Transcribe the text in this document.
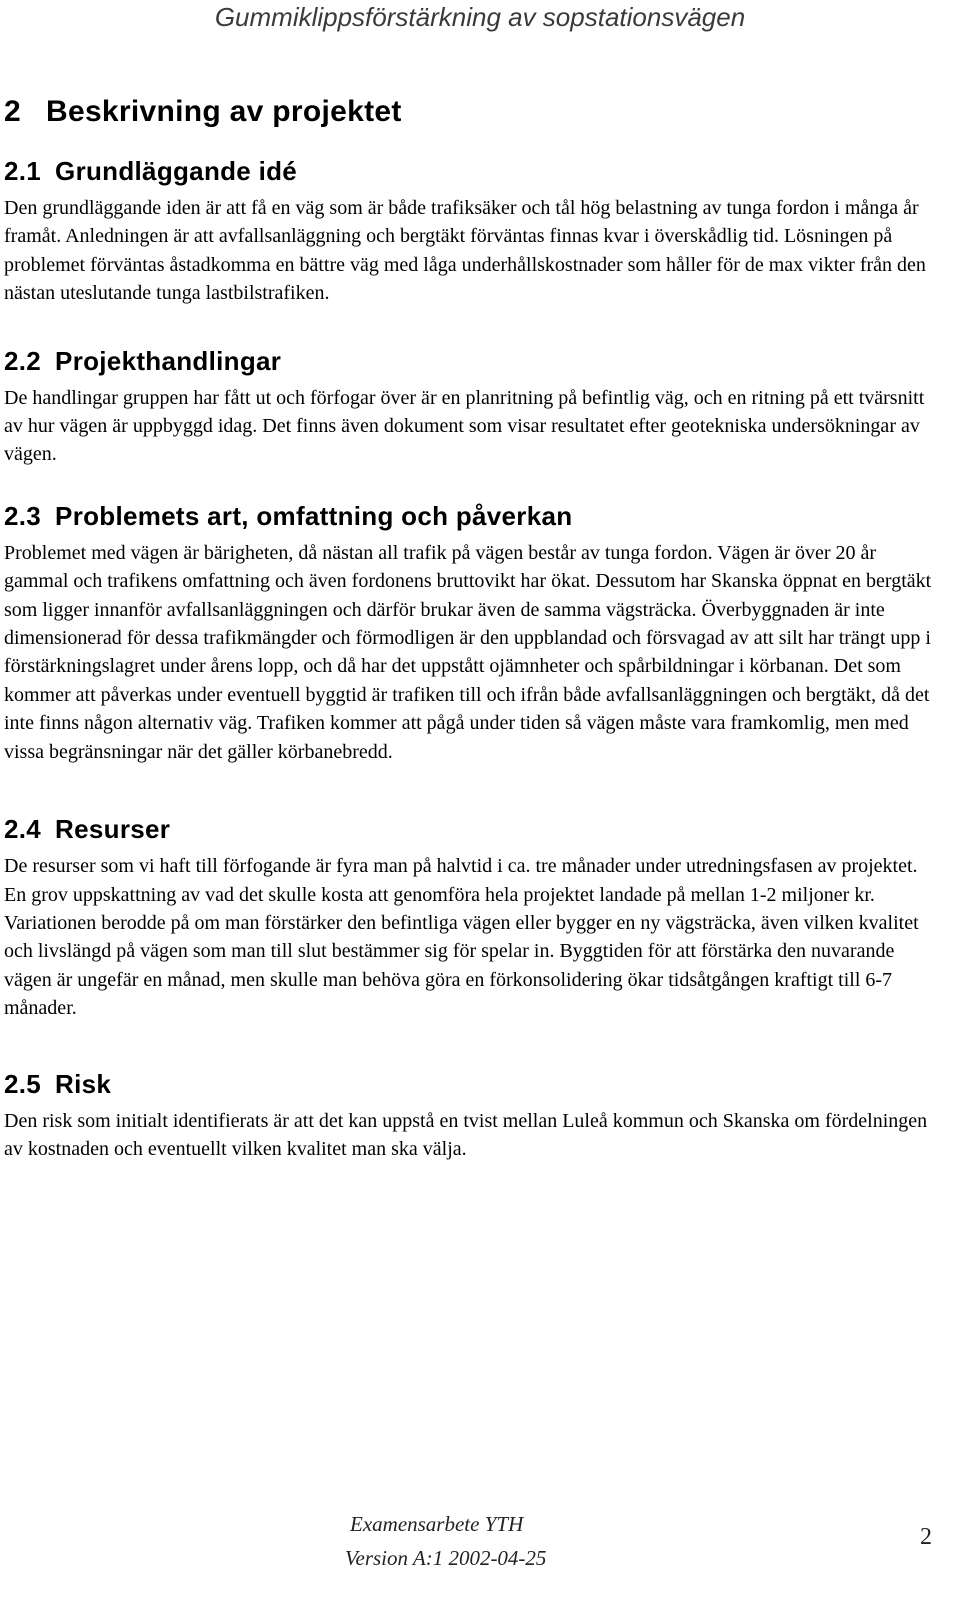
Gummiklippsförstärkning av sopstationsvägen
2 Beskrivning av projektet
2.1 Grundläggande idé

Den grundläggande iden är att få en väg som är både trafiksäker och tål hög belastning av tunga fordon i många år framåt. Anledningen är att avfallsanläggning och bergtäkt förväntas finnas kvar i överskådlig tid. Lösningen på problemet förväntas åstadkomma en bättre väg med låga underhållskostnader som håller för de max vikter från den nästan uteslutande tunga lastbilstrafiken.

2.2 Projekthandlingar

De handlingar gruppen har fått ut och förfogar över är en planritning på befintlig väg, och en ritning på ett tvärsnitt av hur vägen är uppbyggd idag. Det finns även dokument som visar resultatet efter geotekniska undersökningar av vägen.

2.3 Problemets art, omfattning och påverkan

Problemet med vägen är bärigheten, då nästan all trafik på vägen består av tunga fordon. Vägen är över 20 år gammal och trafikens omfattning och även fordonens bruttovikt har ökat. Dessutom har Skanska öppnat en bergtäkt som ligger innanför avfallsanläggningen och därför brukar även de samma vägsträcka. Överbyggnaden är inte dimensionerad för dessa trafikmängder och förmodligen är den uppblandad och försvagad av att silt har trängt upp i förstärkningslagret under årens lopp, och då har det uppstått ojämnheter och spårbildningar i körbanan. Det som kommer att påverkas under eventuell byggtid är trafiken till och ifrån både avfallsanläggningen och bergtäkt, då det inte finns någon alternativ väg. Trafiken kommer att pågå under tiden så vägen måste vara framkomlig, men med vissa begränsningar när det gäller körbanebredd.

2.4 Resurser

De resurser som vi haft till förfogande är fyra man på halvtid i ca. tre månader under utredningsfasen av projektet. En grov uppskattning av vad det skulle kosta att genomföra hela projektet landade på mellan 1-2 miljoner kr. Variationen berodde på om man förstärker den befintliga vägen eller bygger en ny vägsträcka, även vilken kvalitet och livslängd på vägen som man till slut bestämmer sig för spelar in. Byggtiden för att förstärka den nuvarande vägen är ungefär en månad, men skulle man behöva göra en förkonsolidering ökar tidsåtgången kraftigt till 6-7 månader.

2.5 Risk

Den risk som initialt identifierats är att det kan uppstå en tvist mellan Luleå kommun och Skanska om fördelningen av kostnaden och eventuellt vilken kvalitet man ska välja.

Examensarbete YTH
Version A:1 2002-04-25
2
